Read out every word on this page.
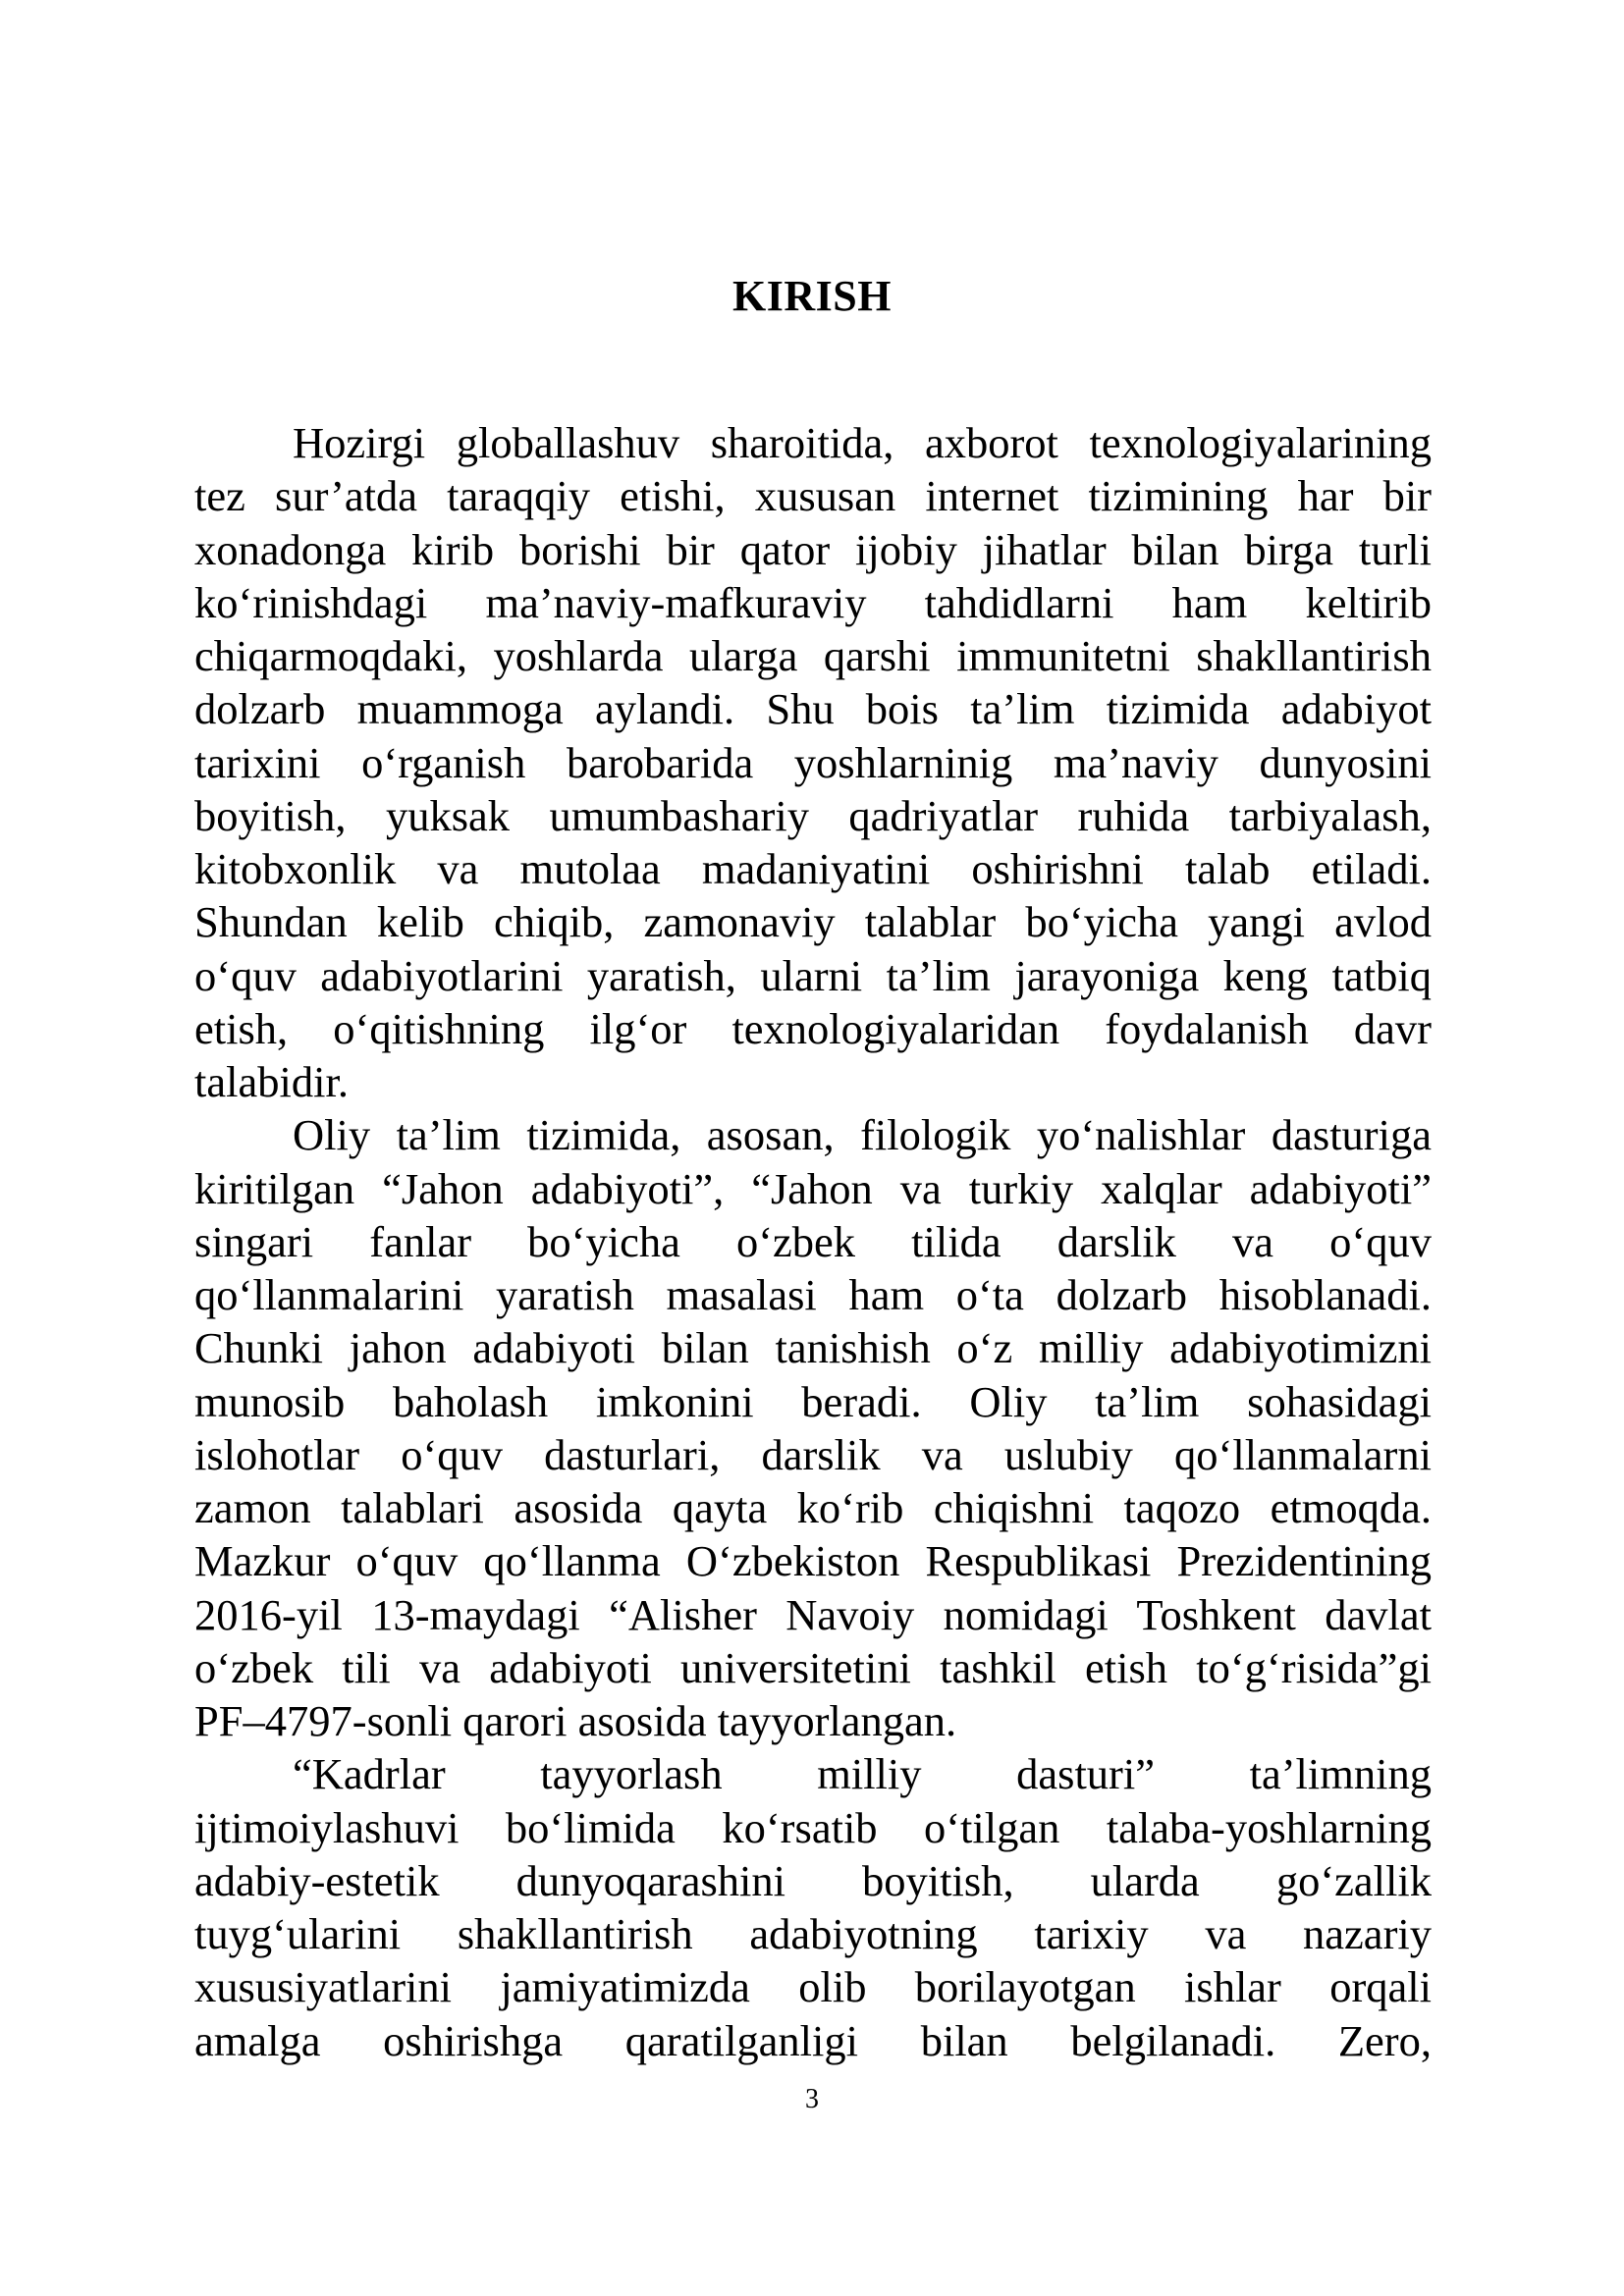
KIRISH
Hozirgi globallashuv sharoitida, axborot texnologiyalarining
tez sur’atda taraqqiy etishi, xususan internet tizimining har bir
xonadonga kirib borishi bir qator ijobiy jihatlar bilan birga turli
ko‘rinishdagi ma’naviy-mafkuraviy tahdidlarni ham keltirib
chiqarmoqdaki, yoshlarda ularga qarshi immunitetni shakllantirish
dolzarb muammoga aylandi. Shu bois ta’lim tizimida adabiyot
tarixini o‘rganish barobarida yoshlarninig ma’naviy dunyosini
boyitish, yuksak umumbashariy qadriyatlar ruhida tarbiyalash,
kitobxonlik va mutolaa madaniyatini oshirishni talab etiladi.
Shundan kelib chiqib, zamonaviy talablar bo‘yicha yangi avlod
o‘quv adabiyotlarini yaratish, ularni ta’lim jarayoniga keng tatbiq
etish, o‘qitishning ilg‘or texnologiyalaridan foydalanish davr
talabidir.
Oliy ta’lim tizimida, asosan, filologik yo‘nalishlar dasturiga
kiritilgan “Jahon adabiyoti”, “Jahon va turkiy xalqlar adabiyoti”
singari fanlar bo‘yicha o‘zbek tilida darslik va o‘quv
qo‘llanmalarini yaratish masalasi ham o‘ta dolzarb hisoblanadi.
Chunki jahon adabiyoti bilan tanishish o‘z milliy adabiyotimizni
munosib baholash imkonini beradi. Oliy ta’lim sohasidagi
islohotlar o‘quv dasturlari, darslik va uslubiy qo‘llanmalarni
zamon talablari asosida qayta ko‘rib chiqishni taqozo etmoqda.
Mazkur o‘quv qo‘llanma O‘zbekiston Respublikasi Prezidentining
2016-yil 13-maydagi “Alisher Navoiy nomidagi Toshkent davlat
o‘zbek tili va adabiyoti universitetini tashkil etish to‘g‘risida”gi
PF–4797-sonli qarori asosida tayyorlangan.
“Kadrlar tayyorlash milliy dasturi” ta’limning
ijtimoiylashuvi bo‘limida ko‘rsatib o‘tilgan talaba-yoshlarning
adabiy-estetik dunyoqarashini boyitish, ularda go‘zallik
tuyg‘ularini shakllantirish adabiyotning tarixiy va nazariy
xususiyatlarini jamiyatimizda olib borilayotgan ishlar orqali
amalga oshirishga qaratilganligi bilan belgilanadi. Zero,
3
